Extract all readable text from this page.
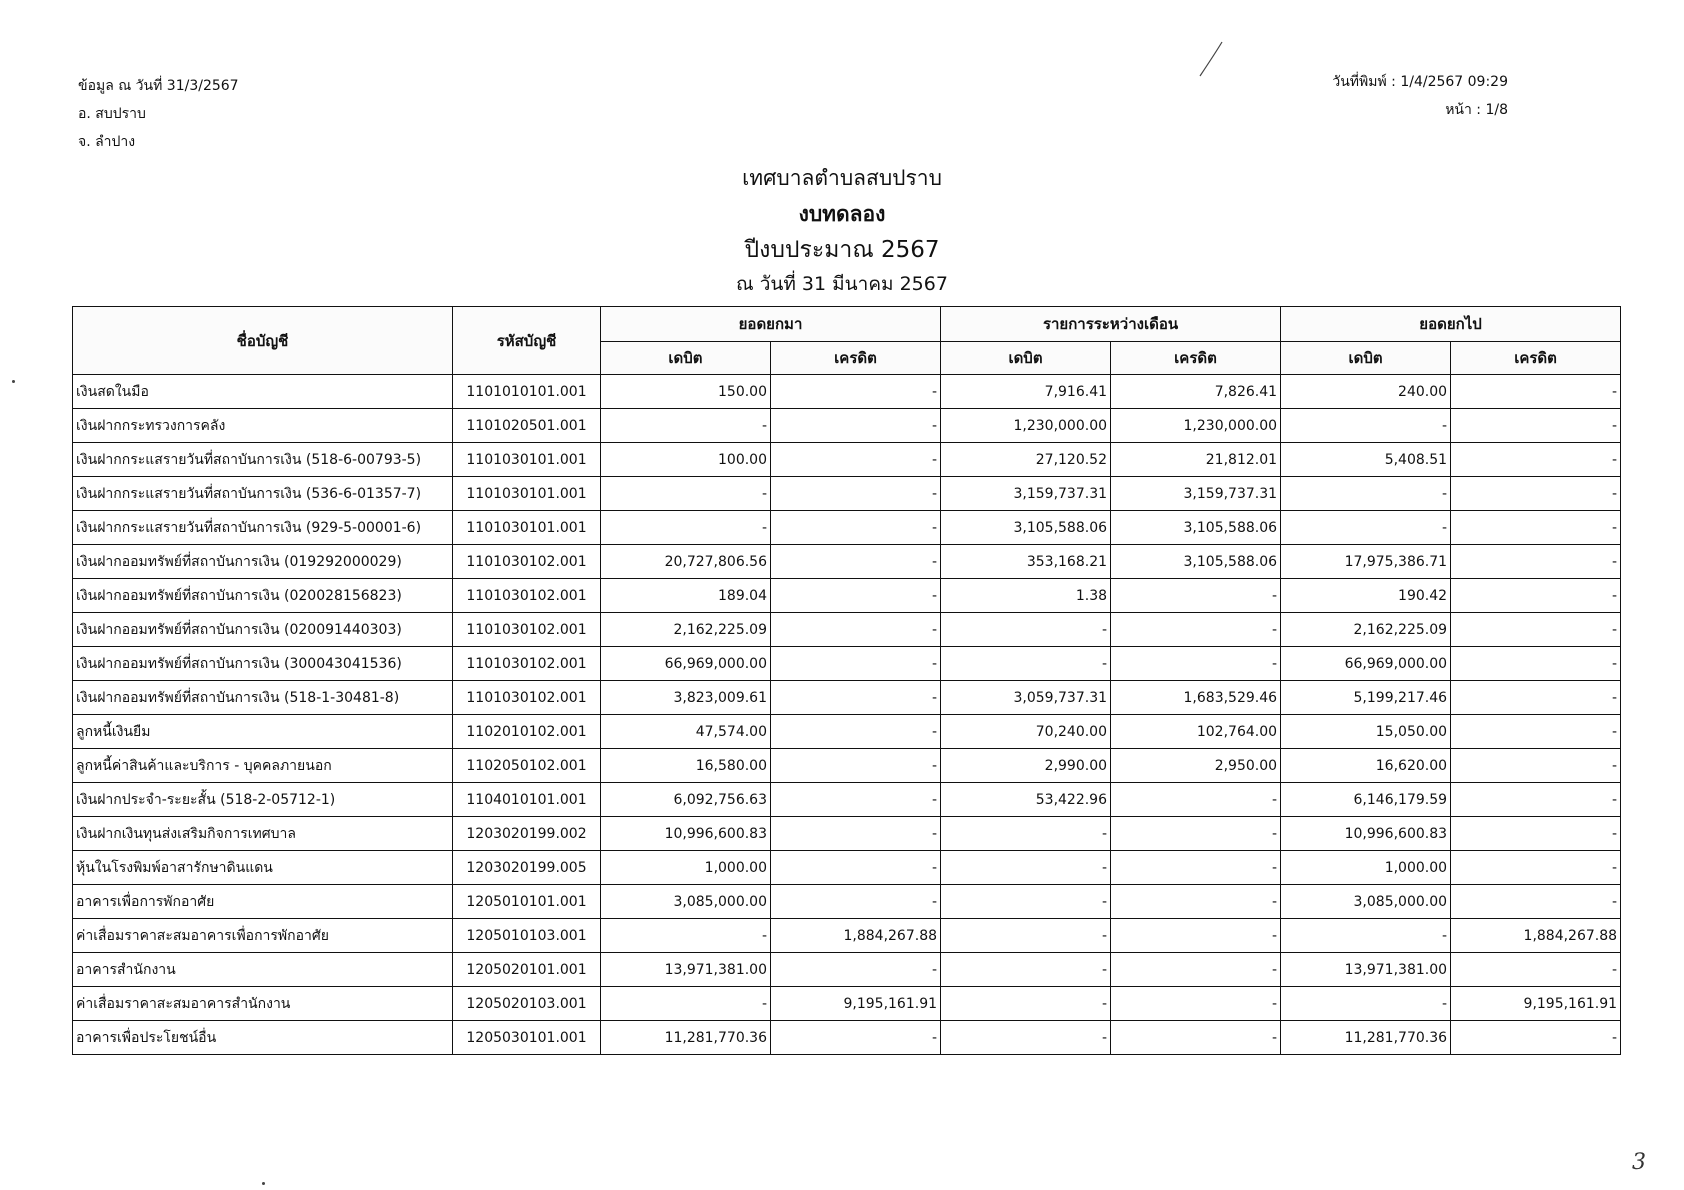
ข้อมูล ณ วันที่ 31/3/2567
อ. สบปราบ
จ. ลำปาง
วันที่พิมพ์ : 1/4/2567 09:29
หน้า : 1/8
เทศบาลตำบลสบปราบ
งบทดลอง
ปีงบประมาณ 2567
ณ วันที่ 31 มีนาคม 2567
ชื่อบัญชี	รหัสบัญชี	ยอดยกมา		รายการระหว่างเดือน		ยอดยกไป	
		เดบิต	เครดิต	เดบิต	เครดิต	เดบิต	เครดิต
เงินสดในมือ	1101010101.001	150.00	-	7,916.41	7,826.41	240.00	-
เงินฝากกระทรวงการคลัง	1101020501.001	-	-	1,230,000.00	1,230,000.00	-	-
เงินฝากกระแสรายวันที่สถาบันการเงิน (518-6-00793-5)	1101030101.001	100.00	-	27,120.52	21,812.01	5,408.51	-
เงินฝากกระแสรายวันที่สถาบันการเงิน (536-6-01357-7)	1101030101.001	-	-	3,159,737.31	3,159,737.31	-	-
เงินฝากกระแสรายวันที่สถาบันการเงิน (929-5-00001-6)	1101030101.001	-	-	3,105,588.06	3,105,588.06	-	-
เงินฝากออมทรัพย์ที่สถาบันการเงิน (019292000029)	1101030102.001	20,727,806.56	-	353,168.21	3,105,588.06	17,975,386.71	-
เงินฝากออมทรัพย์ที่สถาบันการเงิน (020028156823)	1101030102.001	189.04	-	1.38	-	190.42	-
เงินฝากออมทรัพย์ที่สถาบันการเงิน (020091440303)	1101030102.001	2,162,225.09	-	-	-	2,162,225.09	-
เงินฝากออมทรัพย์ที่สถาบันการเงิน (300043041536)	1101030102.001	66,969,000.00	-	-	-	66,969,000.00	-
เงินฝากออมทรัพย์ที่สถาบันการเงิน (518-1-30481-8)	1101030102.001	3,823,009.61	-	3,059,737.31	1,683,529.46	5,199,217.46	-
ลูกหนี้เงินยืม	1102010102.001	47,574.00	-	70,240.00	102,764.00	15,050.00	-
ลูกหนี้ค่าสินค้าและบริการ - บุคคลภายนอก	1102050102.001	16,580.00	-	2,990.00	2,950.00	16,620.00	-
เงินฝากประจำ-ระยะสั้น (518-2-05712-1)	1104010101.001	6,092,756.63	-	53,422.96	-	6,146,179.59	-
เงินฝากเงินทุนส่งเสริมกิจการเทศบาล	1203020199.002	10,996,600.83	-	-	-	10,996,600.83	-
หุ้นในโรงพิมพ์อาสารักษาดินแดน	1203020199.005	1,000.00	-	-	-	1,000.00	-
อาคารเพื่อการพักอาศัย	1205010101.001	3,085,000.00	-	-	-	3,085,000.00	-
ค่าเสื่อมราคาสะสมอาคารเพื่อการพักอาศัย	1205010103.001	-	1,884,267.88	-	-	-	1,884,267.88
อาคารสำนักงาน	1205020101.001	13,971,381.00	-	-	-	13,971,381.00	-
ค่าเสื่อมราคาสะสมอาคารสำนักงาน	1205020103.001	-	9,195,161.91	-	-	-	9,195,161.91
อาคารเพื่อประโยชน์อื่น	1205030101.001	11,281,770.36	-	-	-	11,281,770.36	-
3
